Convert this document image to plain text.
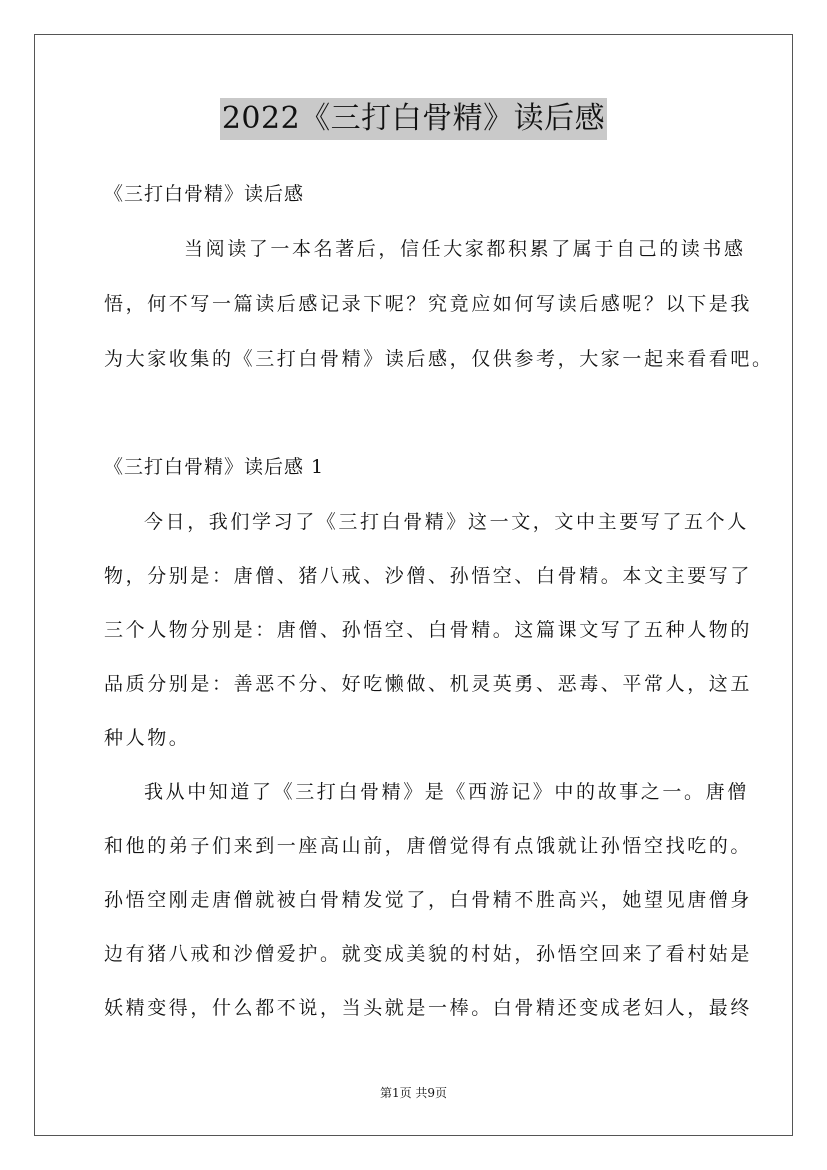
2022《三打白骨精》读后感
《三打白骨精》读后感
当阅读了一本名著后，信任大家都积累了属于自己的读书感
悟，何不写一篇读后感记录下呢？究竟应如何写读后感呢？以下是我
为大家收集的《三打白骨精》读后感，仅供参考，大家一起来看看吧。
《三打白骨精》读后感 1
今日，我们学习了《三打白骨精》这一文，文中主要写了五个人
物，分别是：唐僧、猪八戒、沙僧、孙悟空、白骨精。本文主要写了
三个人物分别是：唐僧、孙悟空、白骨精。这篇课文写了五种人物的
品质分别是：善恶不分、好吃懒做、机灵英勇、恶毒、平常人，这五
种人物。
我从中知道了《三打白骨精》是《西游记》中的故事之一。唐僧
和他的弟子们来到一座高山前，唐僧觉得有点饿就让孙悟空找吃的。
孙悟空刚走唐僧就被白骨精发觉了，白骨精不胜高兴，她望见唐僧身
边有猪八戒和沙僧爱护。就变成美貌的村姑，孙悟空回来了看村姑是
妖精变得，什么都不说，当头就是一棒。白骨精还变成老妇人，最终
第1页 共9页
